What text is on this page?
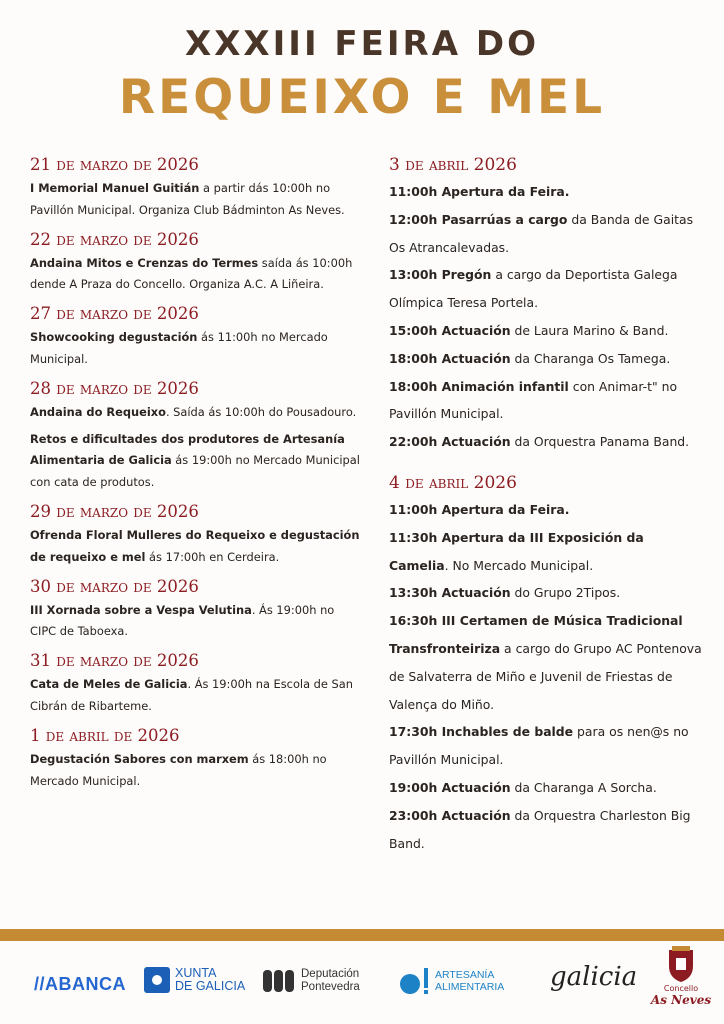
XXXIII FEIRA DO
REQUEIXO E MEL
21 de marzo de 2026
I Memorial Manuel Guitián a partir dás 10:00h no Pavillón Municipal. Organiza Club Bádminton As Neves.
22 de marzo de 2026
Andaina Mitos e Crenzas do Termes saída ás 10:00h dende A Praza do Concello. Organiza A.C. A Liñeira.
27 de marzo de 2026
Showcooking degustación ás 11:00h no Mercado Municipal.
28 de marzo de 2026
Andaina do Requeixo. Saída ás 10:00h do Pousadouro.
Retos e dificultades dos produtores de Artesanía Alimentaria de Galicia ás 19:00h no Mercado Municipal con cata de produtos.
29 de marzo de 2026
Ofrenda Floral Mulleres do Requeixo e degustación de requeixo e mel ás 17:00h en Cerdeira.
30 de marzo de 2026
III Xornada sobre a Vespa Velutina. Ás 19:00h no CIPC de Taboexa.
31 de marzo de 2026
Cata de Meles de Galicia. Ás 19:00h na Escola de San Cibrán de Ribarteme.
1 de abril de 2026
Degustación Sabores con marxem ás 18:00h no Mercado Municipal.
3 de abril 2026
11:00h Apertura da Feira.
12:00h Pasarrúas a cargo da Banda de Gaitas Os Atrancalevadas.
13:00h Pregón a cargo da Deportista Galega Olímpica Teresa Portela.
15:00h Actuación de Laura Marino & Band.
18:00h Actuación da Charanga Os Tamega.
18:00h Animación infantil con Animar-t" no Pavillón Municipal.
22:00h Actuación da Orquestra Panama Band.
4 de abril 2026
11:00h Apertura da Feira.
11:30h Apertura da III Exposición da Camelia. No Mercado Municipal.
13:30h Actuación do Grupo 2Tipos.
16:30h III Certamen de Música Tradicional Transfronteiriza a cargo do Grupo AC Pontenova de Salvaterra de Miño e Juvenil de Friestas de Valença do Miño.
17:30h Inchables de balde para os nen@s no Pavillón Municipal.
19:00h Actuación da Charanga A Sorcha.
23:00h Actuación da Orquestra Charleston Big Band.
//ABANCA
XUNTA
DE GALICIA
Deputación
Pontevedra
ARTESANÍA
ALIMENTARIA galicia	Concello
As Neves
